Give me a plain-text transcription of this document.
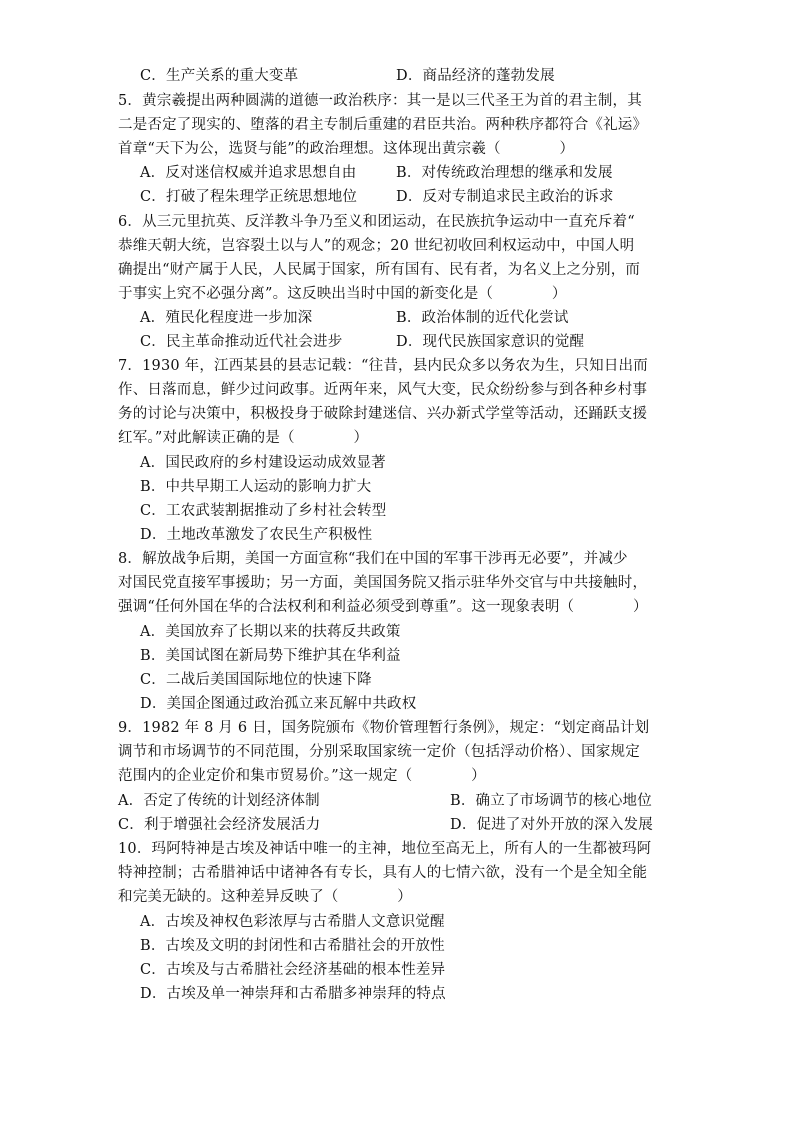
C．生产关系的重大变革	D．商品经济的蓬勃发展
5．黄宗羲提出两种圆满的道德一政治秩序：其一是以三代圣王为首的君主制，其
二是否定了现实的、堕落的君主专制后重建的君臣共治。两种秩序都符合《礼运》
首章“天下为公，选贤与能”的政治理想。这体现出黄宗羲（　　　　）
A．反对迷信权威并追求思想自由	B．对传统政治理想的继承和发展
C．打破了程朱理学正统思想地位	D．反对专制追求民主政治的诉求
6．从三元里抗英、反洋教斗争乃至义和团运动，在民族抗争运动中一直充斥着“
恭维天朝大统，岂容裂土以与人”的观念；20 世纪初收回利权运动中，中国人明
确提出“财产属于人民，人民属于国家，所有国有、民有者，为名义上之分别，而
于事实上究不必强分离”。这反映出当时中国的新变化是（　　　　）
A．殖民化程度进一步加深	B．政治体制的近代化尝试
C．民主革命推动近代社会进步	D．现代民族国家意识的觉醒
7．1930 年，江西某县的县志记载：“往昔，县内民众多以务农为生，只知日出而
作、日落而息，鲜少过问政事。近两年来，风气大变，民众纷纷参与到各种乡村事
务的讨论与决策中，积极投身于破除封建迷信、兴办新式学堂等活动，还踊跃支援
红军。”对此解读正确的是（　　　　）
A．国民政府的乡村建设运动成效显著
B．中共早期工人运动的影响力扩大
C．工农武装割据推动了乡村社会转型
D．土地改革激发了农民生产积极性
8．解放战争后期，美国一方面宣称“我们在中国的军事干涉再无必要”，并减少
对国民党直接军事援助；另一方面，美国国务院又指示驻华外交官与中共接触时，
强调“任何外国在华的合法权利和利益必须受到尊重”。这一现象表明（　　　　）
A．美国放弃了长期以来的扶蒋反共政策
B．美国试图在新局势下维护其在华利益
C．二战后美国国际地位的快速下降
D．美国企图通过政治孤立来瓦解中共政权
9．1982 年 8 月 6 日，国务院颁布《物价管理暂行条例》，规定：“划定商品计划
调节和市场调节的不同范围，分别采取国家统一定价（包括浮动价格）、国家规定
范围内的企业定价和集市贸易价。”这一规定（　　　　）
A．否定了传统的计划经济体制	B．确立了市场调节的核心地位
C．利于增强社会经济发展活力	D．促进了对外开放的深入发展
10．玛阿特神是古埃及神话中唯一的主神，地位至高无上，所有人的一生都被玛阿
特神控制；古希腊神话中诸神各有专长，具有人的七情六欲，没有一个是全知全能
和完美无缺的。这种差异反映了（　　　　）
A．古埃及神权色彩浓厚与古希腊人文意识觉醒
B．古埃及文明的封闭性和古希腊社会的开放性
C．古埃及与古希腊社会经济基础的根本性差异
D．古埃及单一神崇拜和古希腊多神崇拜的特点
